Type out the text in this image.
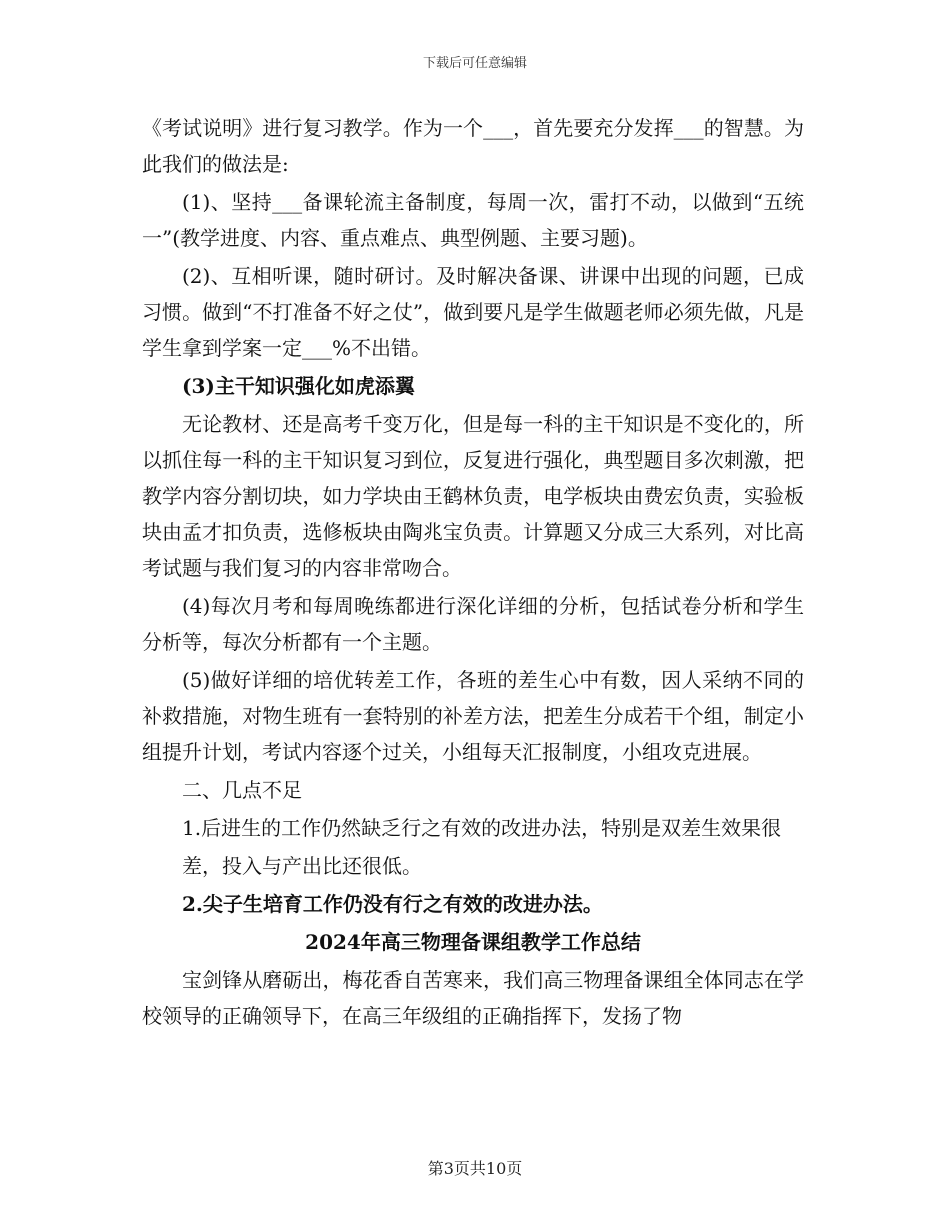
下载后可任意编辑

《考试说明》进行复习教学。作为一个___，首先要充分发挥___的智慧。为此我们的做法是:

(1)、坚持___备课轮流主备制度，每周一次，雷打不动，以做到“五统一”(教学进度、内容、重点难点、典型例题、主要习题)。

(2)、互相听课，随时研讨。及时解决备课、讲课中出现的问题，已成习惯。做到“不打准备不好之仗”，做到要凡是学生做题老师必须先做，凡是学生拿到学案一定___%不出错。

(3)主干知识强化如虎添翼

无论教材、还是高考千变万化，但是每一科的主干知识是不变化的，所以抓住每一科的主干知识复习到位，反复进行强化，典型题目多次刺激，把教学内容分割切块，如力学块由王鹤林负责，电学板块由费宏负责，实验板块由孟才扣负责，选修板块由陶兆宝负责。计算题又分成三大系列，对比高考试题与我们复习的内容非常吻合。

(4)每次月考和每周晚练都进行深化详细的分析，包括试卷分析和学生分析等，每次分析都有一个主题。

(5)做好详细的培优转差工作，各班的差生心中有数，因人采纳不同的补救措施，对物生班有一套特别的补差方法，把差生分成若干个组，制定小组提升计划，考试内容逐个过关，小组每天汇报制度，小组攻克进展。

二、几点不足

1.后进生的工作仍然缺乏行之有效的改进办法，特别是双差生效果很

差，投入与产出比还很低。

2.尖子生培育工作仍没有行之有效的改进办法。

2024年高三物理备课组教学工作总结

宝剑锋从磨砺出，梅花香自苦寒来，我们高三物理备课组全体同志在学校领导的正确领导下，在高三年级组的正确指挥下，发扬了物

第3页共10页
